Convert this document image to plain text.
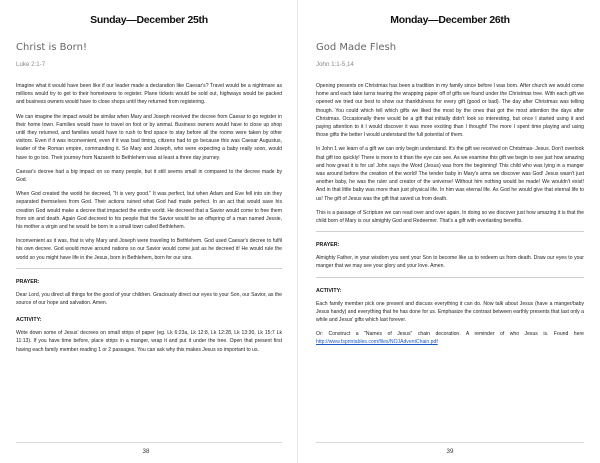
Sunday—December 25th
Christ is Born!
Luke 2:1-7

Imagine what it would have been like if our leader made a declaration like Caesar's? Travel would be a nightmare as millions would try to get to their hometowns to register. Plane tickets would be sold out, highways would be packed and business owners would have to close shops until they returned from registering.

We can imagine the impact would be similar when Mary and Joseph received the decree from Caesar to go register in their home town. Families would have to travel on foot or by animal. Business owners would have to close up shop until they returned, and families would have to rush to find space to stay before all the rooms were taken by other visitors. Even if it was inconvenient, even if it was bad timing, citizens had to go because this was Caesar Augustus, leader of the Roman empire, commanding it. So Mary and Joseph, who were expecting a baby really soon, would have to go too. Their journey from Nazareth to Bethlehem was at least a three day journey.

Caesar's decree had a big impact on so many people, but it still seems small in compared to the decree made by God.

When God created the world he decreed, "It is very good." It was perfect, but when Adam and Eve fell into sin they separated themselves from God. Their actions ruined what God had made perfect. In an act that would save his creation God would make a decree that impacted the entire world. He decreed that a Savior would come to free them from sin and death. Again God decreed to his people that the Savior would be an offspring of a man named Jessie, his mother a virgin and he would be born in a small town called Bethlehem.

Inconvenient as it was, that is why Mary and Joseph were traveling to Bethlehem. God used Caesar's decree to fulfil his own decree. God would move around nations so our Savior would come just as he decreed it! He would rule the world so you might have life in the Jesus, born in Bethlehem, born for our sins.

PRAYER:

Dear Lord, you direct all things for the good of your children. Graciously direct our eyes to your Son, our Savior, as the source of our hope and salvation. Amen.

ACTIVITY:

Write down some of Jesus' decrees on small strips of paper (eg. Lk 6:23a, Lk 12:8, Lk 12:28, Lk 13:30, Lk 15:7 Lk 11:13). If you have time before, place strips in a manger, wrap it and put it under the tree. Open that present first having each family member reading 1 or 2 passages. You can ask why this makes Jesus so important to us.

38
Monday—December 26th
God Made Flesh
John 1:1-5,14

Opening presents on Christmas has been a tradition in my family since before I was born. After church we would come home and each take turns tearing the wrapping paper off of gifts we found under the Christmas tree. With each gift we opened we tried our best to show our thankfulness for every gift (good or bad). The day after Christmas was telling though. You could which tell which gifts we liked the most by the ones that got the most attention the days after Christmas. Occasionally there would be a gift that initially didn't look so interesting, but once I started using it and paying attention to it I would discover it was more exciting than I thought! The more I spent time playing and using those gifts the better I would understand the full potential of them.

In John 1 we learn of a gift we can only begin understand. It's the gift we received on Christmas- Jesus. Don't overlook that gift too quickly! There is more to it than the eye can see. As we examine this gift we begin to see just how amazing and how great it is for us! John says the Word (Jesus) was from the beginning! This child who was lying in a manger was around before the creation of the world! The tender baby in Mary's arms we discover was God! Jesus wasn't just another baby, he was the ruler and creator of the universe! Without him nothing would be made! We wouldn't exist! And in that little baby was more than just physical life. In him was eternal life. As God he would give that eternal life to us! The gift of Jesus was the gift that saved us from death.

This is a passage of Scripture we can read over and over again. In doing so we discover just how amazing it is that the child born of Mary is our almighty God and Redeemer. That's a gift with everlasting benefits.

PRAYER:

Almighty Father, in your wisdom you sent your Son to become like us to redeem us from death. Draw our eyes to your manger that we may see your glory and your love. Amen.

ACTIVITY:

Each family member pick one present and discuss everything it can do. Now talk about Jesus (have a manger/baby Jesus handy) and everything that he has done for us. Emphasize the contrast between earthly presents that last only a while and Jesus' gifts which last forever.

Or: Construct a "Names of Jesus" chain decoration. A reminder of who Jesus is. Found here http://www.fsprintables.com/files/NOJAdventChain.pdf

39
